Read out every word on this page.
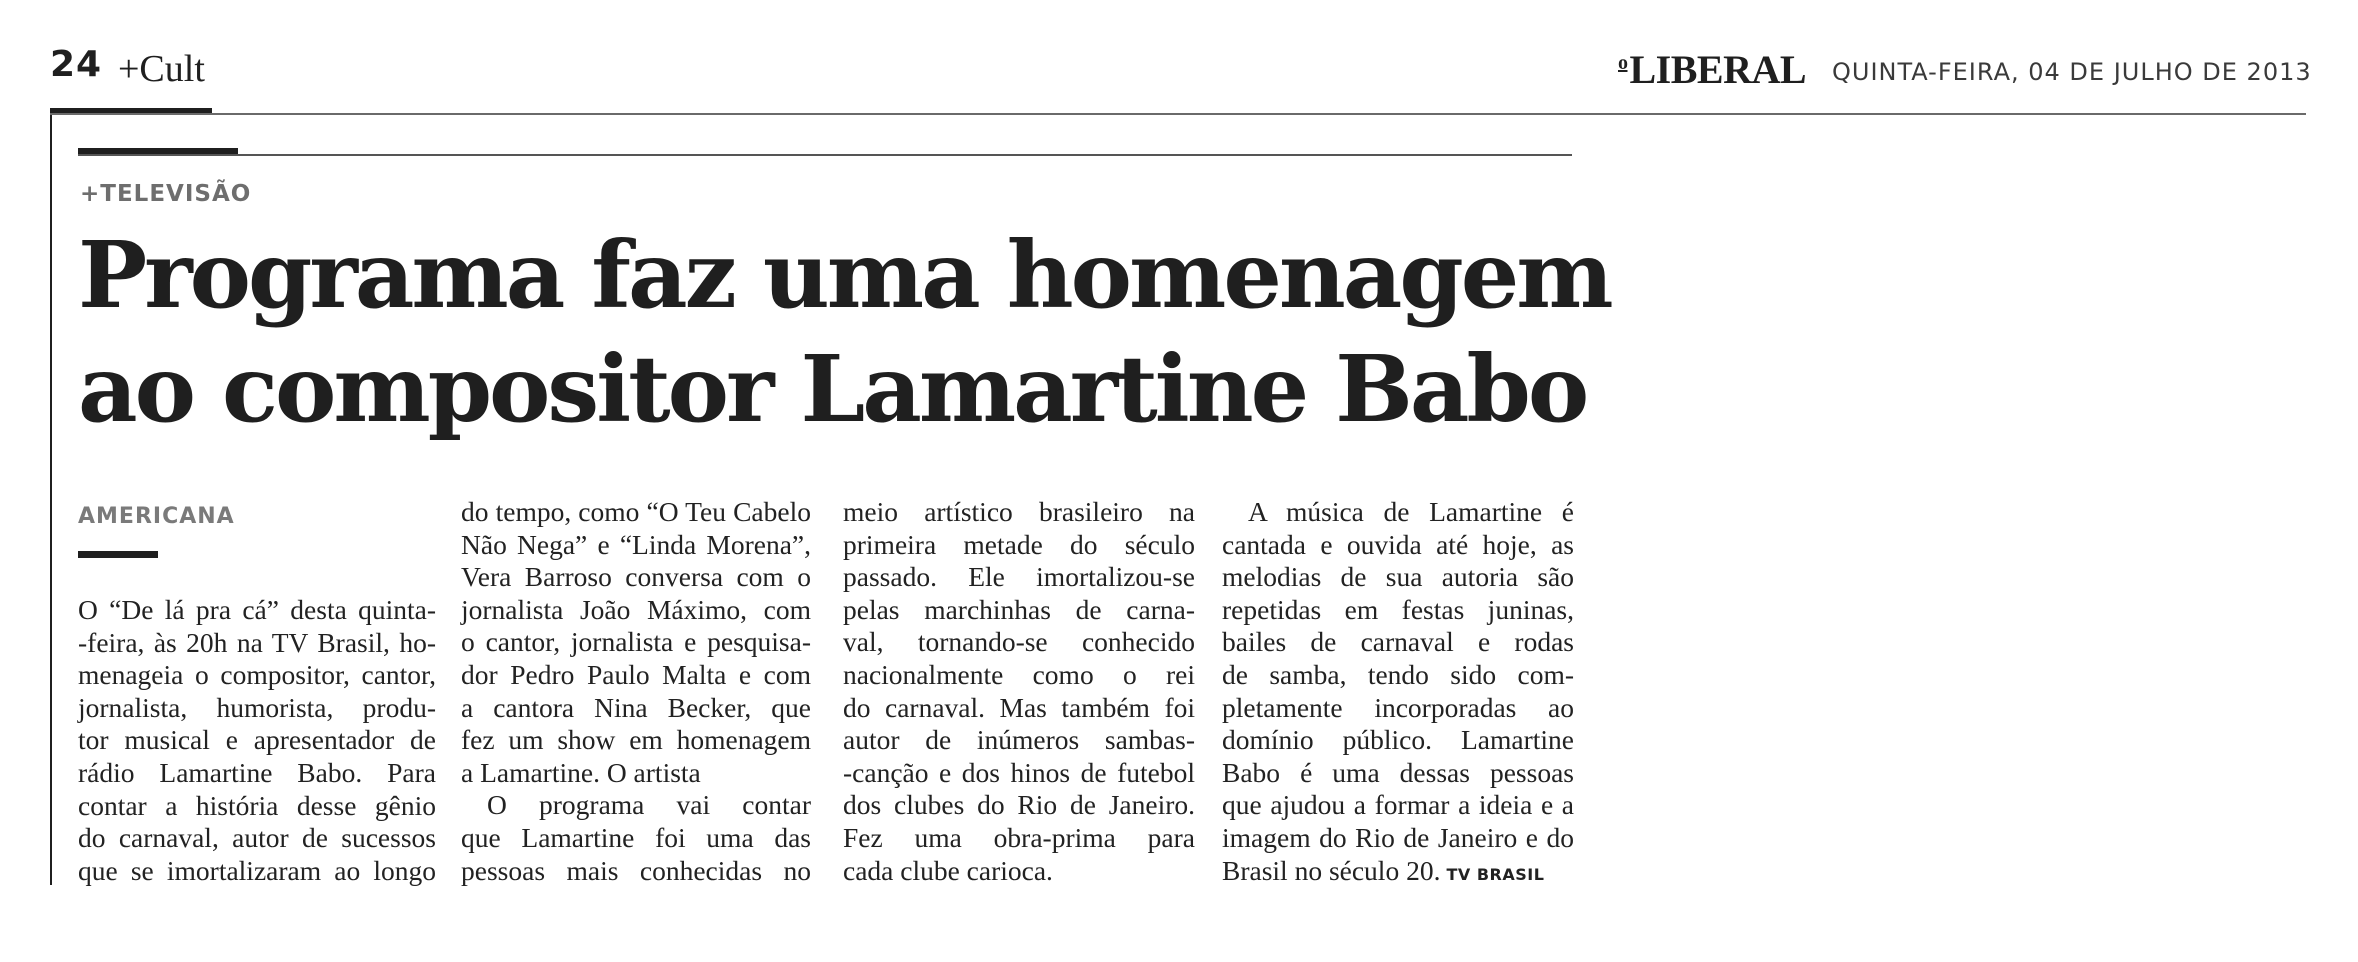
24 +Cult	$^o$LIBERAL QUINTA-FEIRA, 04 DE JULHO DE 2013
+TELEVISÃO
Programa faz uma homenagem
ao compositor Lamartine Babo
AMERICANA
O “De lá pra cá” desta quinta-
-feira, às 20h na TV Brasil, ho-
menageia o compositor, cantor,
jornalista, humorista, produ-
tor musical e apresentador de
rádio Lamartine Babo. Para
contar a história desse gênio
do carnaval, autor de sucessos
que se imortalizaram ao longo
do tempo, como “O Teu Cabelo
Não Nega” e “Linda Morena”,
Vera Barroso conversa com o
jornalista João Máximo, com
o cantor, jornalista e pesquisa-
dor Pedro Paulo Malta e com
a cantora Nina Becker, que
fez um show em homenagem
a Lamartine. O artista
O programa vai contar
que Lamartine foi uma das
pessoas mais conhecidas no
meio artístico brasileiro na
primeira metade do século
passado. Ele imortalizou-se
pelas marchinhas de carna-
val, tornando-se conhecido
nacionalmente como o rei
do carnaval. Mas também foi
autor de inúmeros sambas-
-canção e dos hinos de futebol
dos clubes do Rio de Janeiro.
Fez uma obra-prima para
cada clube carioca.
A música de Lamartine é
cantada e ouvida até hoje, as
melodias de sua autoria são
repetidas em festas juninas,
bailes de carnaval e rodas
de samba, tendo sido com-
pletamente incorporadas ao
domínio público. Lamartine
Babo é uma dessas pessoas
que ajudou a formar a ideia e a
imagem do Rio de Janeiro e do
Brasil no século 20. TV BRASIL
